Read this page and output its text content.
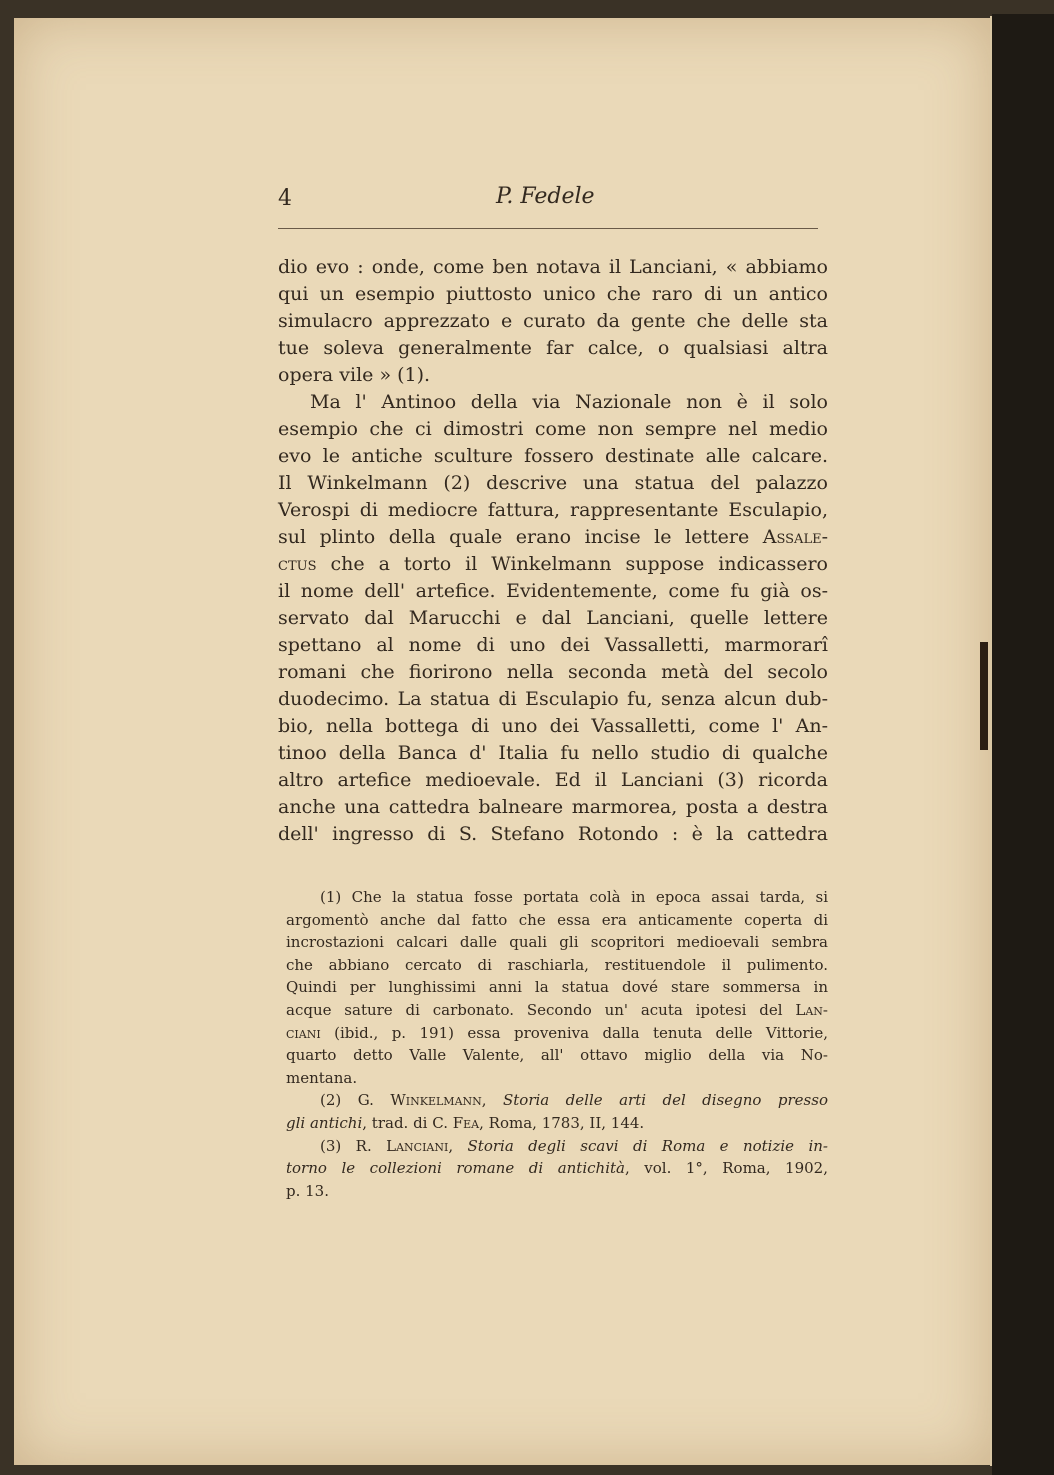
4	P. Fedele
dio evo : onde, come ben notava il Lanciani, « abbiamo
qui un esempio piuttosto unico che raro di un antico
simulacro apprezzato e curato da gente che delle sta
tue soleva generalmente far calce, o qualsiasi altra
opera vile » (1).
Ma l' Antinoo della via Nazionale non è il solo
esempio che ci dimostri come non sempre nel medio
evo le antiche sculture fossero destinate alle calcare.
Il Winkelmann (2) descrive una statua del palazzo
Verospi di mediocre fattura, rappresentante Esculapio,
sul plinto della quale erano incise le lettere Assale-
ctus che a torto il Winkelmann suppose indicassero
il nome dell' artefice. Evidentemente, come fu già os-
servato dal Marucchi e dal Lanciani, quelle lettere
spettano al nome di uno dei Vassalletti, marmorarî
romani che fiorirono nella seconda metà del secolo
duodecimo. La statua di Esculapio fu, senza alcun dub-
bio, nella bottega di uno dei Vassalletti, come l' An-
tinoo della Banca d' Italia fu nello studio di qualche
altro artefice medioevale. Ed il Lanciani (3) ricorda
anche una cattedra balneare marmorea, posta a destra
dell' ingresso di S. Stefano Rotondo : è la cattedra
(1) Che la statua fosse portata colà in epoca assai tarda, si
argomentò anche dal fatto che essa era anticamente coperta di
incrostazioni calcari dalle quali gli scopritori medioevali sembra
che abbiano cercato di raschiarla, restituendole il pulimento.
Quindi per lunghissimi anni la statua dové stare sommersa in
acque sature di carbonato. Secondo un' acuta ipotesi del Lan-
ciani (ibid., p. 191) essa proveniva dalla tenuta delle Vittorie,
quarto detto Valle Valente, all' ottavo miglio della via No-
mentana.
(2) G. Winkelmann, Storia delle arti del disegno presso
gli antichi, trad. di C. Fea, Roma, 1783, II, 144.
(3) R. Lanciani, Storia degli scavi di Roma e notizie in-
torno le collezioni romane di antichità, vol. 1°, Roma, 1902,
p. 13.
